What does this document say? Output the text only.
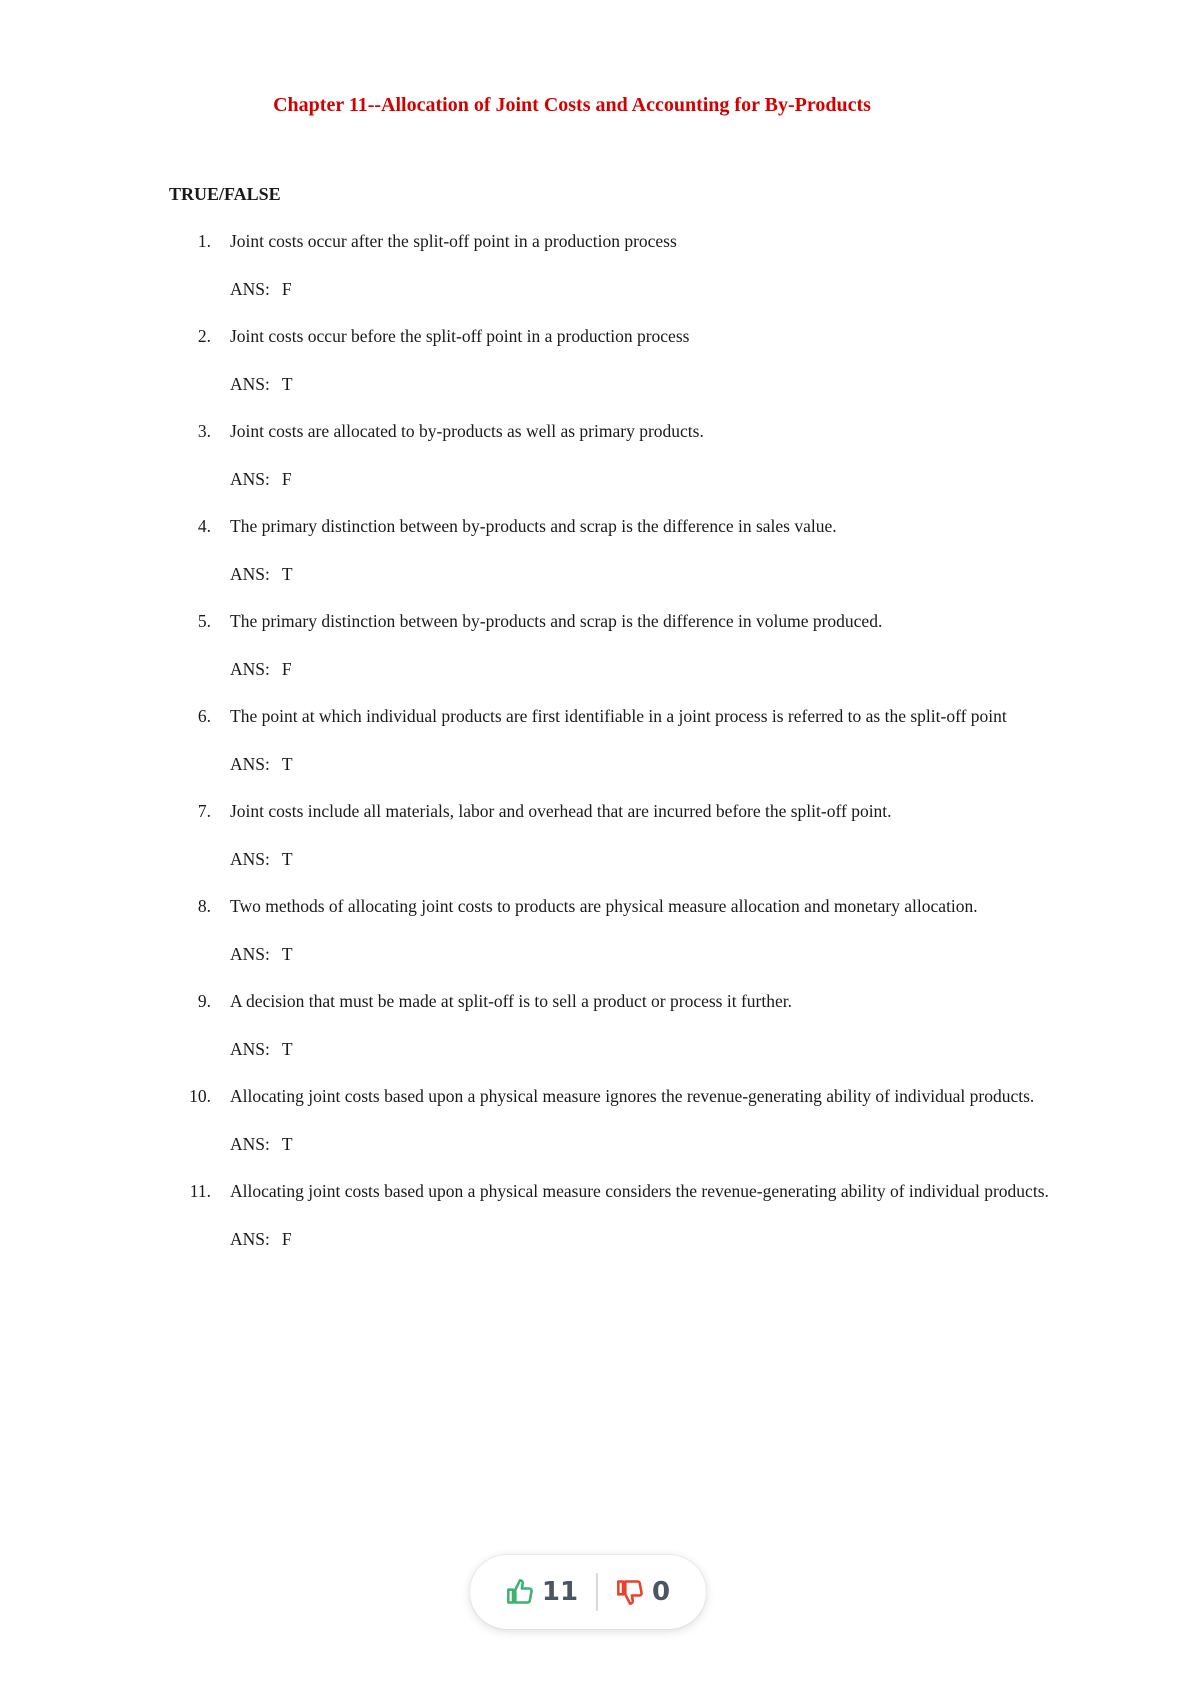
Chapter 11--Allocation of Joint Costs and Accounting for By-Products
TRUE/FALSE
1. Joint costs occur after the split-off point in a production process
ANS: F
2. Joint costs occur before the split-off point in a production process
ANS: T
3. Joint costs are allocated to by-products as well as primary products.
ANS: F
4. The primary distinction between by-products and scrap is the difference in sales value.
ANS: T
5. The primary distinction between by-products and scrap is the difference in volume produced.
ANS: F
6. The point at which individual products are first identifiable in a joint process is referred to as the split-off point
ANS: T
7. Joint costs include all materials, labor and overhead that are incurred before the split-off point.
ANS: T
8. Two methods of allocating joint costs to products are physical measure allocation and monetary allocation.
ANS: T
9. A decision that must be made at split-off is to sell a product or process it further.
ANS: T
10. Allocating joint costs based upon a physical measure ignores the revenue-generating ability of individual products.
ANS: T
11. Allocating joint costs based upon a physical measure considers the revenue-generating ability of individual products.
ANS: F
11	0
